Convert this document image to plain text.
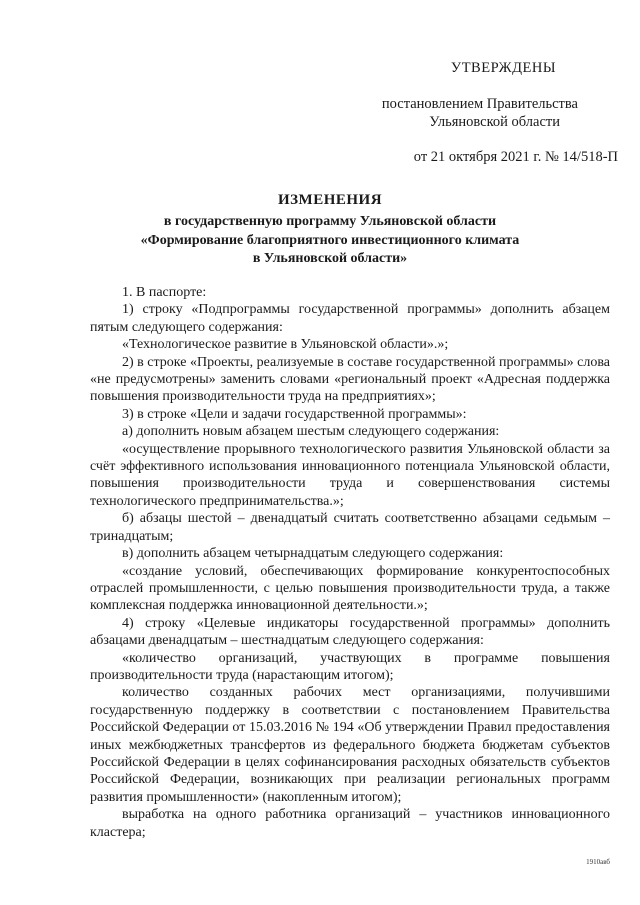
УТВЕРЖДЕНЫ
постановлением Правительства
Ульяновской области
от 21 октября 2021 г. № 14/518-П
ИЗМЕНЕНИЯ
в государственную программу Ульяновской области
«Формирование благоприятного инвестиционного климата
в Ульяновской области»

1. В паспорте:

1) строку «Подпрограммы государственной программы» дополнить абзацем пятым следующего содержания:

«Технологическое развитие в Ульяновской области».»;

2) в строке «Проекты, реализуемые в составе государственной программы» слова «не предусмотрены» заменить словами «региональный проект «Адресная поддержка повышения производительности труда на предприятиях»;

3) в строке «Цели и задачи государственной программы»:

а) дополнить новым абзацем шестым следующего содержания:

«осуществление прорывного технологического развития Ульяновской области за счёт эффективного использования инновационного потенциала Ульяновской области, повышения производительности труда и совершенствования системы технологического предпринимательства.»;

б) абзацы шестой – двенадцатый считать соответственно абзацами седьмым – тринадцатым;

в) дополнить абзацем четырнадцатым следующего содержания:

«создание условий, обеспечивающих формирование конкурентоспособных отраслей промышленности, с целью повышения производительности труда, а также комплексная поддержка инновационной деятельности.»;

4) строку «Целевые индикаторы государственной программы» дополнить абзацами двенадцатым – шестнадцатым следующего содержания:

«количество организаций, участвующих в программе повышения производительности труда (нарастающим итогом);

количество созданных рабочих мест организациями, получившими государственную поддержку в соответствии с постановлением Правительства Российской Федерации от 15.03.2016 № 194 «Об утверждении Правил предоставления иных межбюджетных трансфертов из федерального бюджета бюджетам субъектов Российской Федерации в целях софинансирования расходных обязательств субъектов Российской Федерации, возникающих при реализации региональных программ развития промышленности» (накопленным итогом);

выработка на одного работника организаций – участников инновационного кластера;

1910авб
